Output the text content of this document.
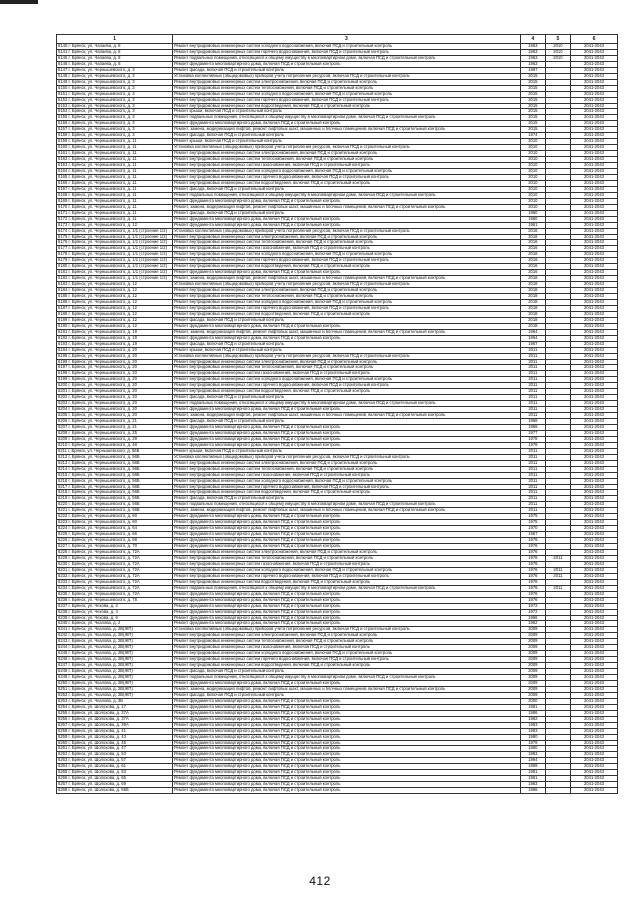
1	3	4	5	6
6140 г. Брянск, ул. Чапаева, д. 8	Ремонт внутридомовых инженерных систем холодного водоснабжения, включая ПСД и строительный контроль	1963	2010	2041-2043
6141 г. Брянск, ул. Чапаева, д. 8	Ремонт внутридомовых инженерных систем горячего водоснабжения, включая ПСД и строительный контроль	1963	2010	2041-2043
6145 г. Брянск, ул. Чапаева, д. 8	Ремонт подвальных помещений, относящихся к общему имуществу в многоквартирном доме, включая ПСД и строительный контроль	1963	2010	2041-2043
6146 г. Брянск, ул. Чапаева, д. 8	Ремонт фундамента многоквартирного дома, включая ПСД и строительный контроль	1963		2041-2043
6147 г. Брянск, ул. Чернышевского, д. 3	Ремонт фасада, включая ПСД и строительный контроль	1987		2041-2043
6148 г. Брянск, ул. Чернышевского, д. 3	Установка коллективных (общедомовых) приборов учета потребления ресурсов, включая ПСД и строительный контроль	2015		2041-2043
6149 г. Брянск, ул. Чернышевского, д. 3	Ремонт внутридомовых инженерных систем электроснабжения, включая ПСД и строительный контроль	2015		2041-2043
6150 г. Брянск, ул. Чернышевского, д. 3	Ремонт внутридомовых инженерных систем теплоснабжения, включая ПСД и строительный контроль	2015		2041-2043
6151 г. Брянск, ул. Чернышевского, д. 3	Ремонт внутридомовых инженерных систем холодного водоснабжения, включая ПСД и строительный контроль	2015		2041-2043
6152 г. Брянск, ул. Чернышевского, д. 3	Ремонт внутридомовых инженерных систем горячего водоснабжения, включая ПСД и строительный контроль	2015		2041-2043
6153 г. Брянск, ул. Чернышевского, д. 3	Ремонт внутридомовых инженерных систем водоотведения, включая ПСД и строительный контроль	2015		2041-2043
6154 г. Брянск, ул. Чернышевского, д. 3	Ремонт крыши, включая ПСД и строительный контроль	2015		2041-2043
6155 г. Брянск, ул. Чернышевского, д. 3	Ремонт подвальных помещений, относящихся к общему имуществу в многоквартирном доме, включая ПСД и строительный контроль	2015		2041-2043
6156 г. Брянск, ул. Чернышевского, д. 3	Ремонт фундамента многоквартирного дома, включая ПСД и строительный контроль	2015		2041-2043
6157 г. Брянск, ул. Чернышевского, д. 3	Ремонт, замена, модернизация лифтов, ремонт лифтовых шахт, машинных и блочных помещений, включая ПСД и строительный контроль	2015		2041-2043
6158 г. Брянск, ул. Чернышевского, д. 3	Ремонт фасада, включая ПСД и строительный контроль	1974		2041-2043
6159 г. Брянск, ул. Чернышевского, д. 11	Ремонт крыши, включая ПСД и строительный контроль	2010		2041-2043
6160 г. Брянск, ул. Чернышевского, д. 11	Установка коллективных (общедомовых) приборов учета потребления ресурсов, включая ПСД и строительный контроль	2010		2041-2043
6161 г. Брянск, ул. Чернышевского, д. 11	Ремонт внутридомовых инженерных систем электроснабжения, включая ПСД и строительный контроль	2010		2041-2043
6162 г. Брянск, ул. Чернышевского, д. 11	Ремонт внутридомовых инженерных систем теплоснабжения, включая ПСД и строительный контроль	2010		2041-2043
6163 г. Брянск, ул. Чернышевского, д. 11	Ремонт внутридомовых инженерных систем газоснабжения, включая ПСД и строительный контроль	2010		2041-2043
6164 г. Брянск, ул. Чернышевского, д. 11	Ремонт внутридомовых инженерных систем холодного водоснабжения, включая ПСД и строительный контроль	2010		2041-2043
6165 г. Брянск, ул. Чернышевского, д. 11	Ремонт внутридомовых инженерных систем горячего водоснабжения, включая ПСД и строительный контроль	2010		2041-2043
6166 г. Брянск, ул. Чернышевского, д. 11	Ремонт внутридомовых инженерных систем водоотведения, включая ПСД и строительный контроль	2010		2041-2043
6167 г. Брянск, ул. Чернышевского, д. 11	Ремонт фасада, включая ПСД и строительный контроль	2010		2041-2043
6168 г. Брянск, ул. Чернышевского, д. 11	Ремонт подвальных помещений, относящихся к общему имуществу в многоквартирном доме, включая ПСД и строительный контроль	2010		2041-2043
6169 г. Брянск, ул. Чернышевского, д. 11	Ремонт фундамента многоквартирного дома, включая ПСД и строительный контроль	2010		2041-2043
6170 г. Брянск, ул. Чернышевского, д. 11	Ремонт, замена, модернизация лифтов, ремонт лифтовых шахт, машинных и блочных помещений, включая ПСД и строительный контроль	2010		2041-2043
6171 г. Брянск, ул. Чернышевского, д. 11	Ремонт фасада, включая ПСД и строительный контроль	1960		2041-2043
6172 г. Брянск, ул. Чернышевского, д. 11	Ремонт фундамента многоквартирного дома, включая ПСД и строительный контроль	1960		2041-2043
6173 г. Брянск, ул. Чернышевского, д. 12	Ремонт фундамента многоквартирного дома, включая ПСД и строительный контроль	1961		2041-2043
6174 г. Брянск, ул. Чернышевского, д. 1/1 (строение 1/2)	Установка коллективных (общедомовых) приборов учета потребления ресурсов, включая ПСД и строительный контроль	2016		2041-2043
6175 г. Брянск, ул. Чернышевского, д. 1/1 (строение 1/2)	Ремонт внутридомовых инженерных систем электроснабжения, включая ПСД и строительный контроль	2016		2041-2043
6176 г. Брянск, ул. Чернышевского, д. 1/1 (строение 1/2)	Ремонт внутридомовых инженерных систем теплоснабжения, включая ПСД и строительный контроль	2016		2041-2043
6177 г. Брянск, ул. Чернышевского, д. 1/1 (строение 1/2)	Ремонт внутридомовых инженерных систем газоснабжения, включая ПСД и строительный контроль	2016		2041-2043
6178 г. Брянск, ул. Чернышевского, д. 1/1 (строение 1/2)	Ремонт внутридомовых инженерных систем холодного водоснабжения, включая ПСД и строительный контроль	2016		2041-2043
6179 г. Брянск, ул. Чернышевского, д. 1/1 (строение 1/2)	Ремонт внутридомовых инженерных систем горячего водоснабжения, включая ПСД и строительный контроль	2016		2041-2043
6180 г. Брянск, ул. Чернышевского, д. 1/1 (строение 1/2)	Ремонт внутридомовых инженерных систем водоотведения, включая ПСД и строительный контроль	2016		2041-2043
6181 г. Брянск, ул. Чернышевского, д. 1/1 (строение 1/2)	Ремонт фундамента многоквартирного дома, включая ПСД и строительный контроль	2016		2041-2043
6182 г. Брянск, ул. Чернышевского, д. 1/1 (строение 1/2)	Ремонт, замена, модернизация лифтов, ремонт лифтовых шахт, машинных и блочных помещений, включая ПСД и строительный контроль	2016		2041-2043
6183 г. Брянск, ул. Чернышевского, д. 12	Установка коллективных (общедомовых) приборов учета потребления ресурсов, включая ПСД и строительный контроль	2018		2041-2043
6184 г. Брянск, ул. Чернышевского, д. 12	Ремонт внутридомовых инженерных систем электроснабжения, включая ПСД и строительный контроль	2018		2041-2043
6185 г. Брянск, ул. Чернышевского, д. 12	Ремонт внутридомовых инженерных систем теплоснабжения, включая ПСД и строительный контроль	2018		2041-2043
6186 г. Брянск, ул. Чернышевского, д. 12	Ремонт внутридомовых инженерных систем холодного водоснабжения, включая ПСД и строительный контроль	2018		2041-2043
6187 г. Брянск, ул. Чернышевского, д. 12	Ремонт внутридомовых инженерных систем горячего водоснабжения, включая ПСД и строительный контроль	2018		2041-2043
6188 г. Брянск, ул. Чернышевского, д. 12	Ремонт внутридомовых инженерных систем водоотведения, включая ПСД и строительный контроль	2018		2041-2043
6189 г. Брянск, ул. Чернышевского, д. 12	Ремонт фасада, включая ПСД и строительный контроль	2018		2041-2043
6190 г. Брянск, ул. Чернышевского, д. 12	Ремонт фундамента многоквартирного дома, включая ПСД и строительный контроль	2018		2041-2043
6191 г. Брянск, ул. Чернышевского, д. 19	Ремонт, замена, модернизация лифтов, ремонт лифтовых шахт, машинных и блочных помещений, включая ПСД и строительный контроль	1964		2041-2043
6192 г. Брянск, ул. Чернышевского, д. 19	Ремонт фундамента многоквартирного дома, включая ПСД и строительный контроль	1964		2041-2043
6193 г. Брянск, ул. Чернышевского, д. 19	Ремонт фасада, включая ПСД и строительный контроль	1967		2041-2043
6194 г. Брянск, ул. Чернышевского, д. 20	Ремонт крыши, включая ПСД и строительный контроль	2011		2041-2043
6195 г. Брянск, ул. Чернышевского, д. 20	Установка коллективных (общедомовых) приборов учета потребления ресурсов, включая ПСД и строительный контроль	2011		2041-2043
6196 г. Брянск, ул. Чернышевского, д. 20	Ремонт внутридомовых инженерных систем электроснабжения, включая ПСД и строительный контроль	2011		2041-2043
6197 г. Брянск, ул. Чернышевского, д. 20	Ремонт внутридомовых инженерных систем теплоснабжения, включая ПСД и строительный контроль	2011		2041-2043
6198 г. Брянск, ул. Чернышевского, д. 20	Ремонт внутридомовых инженерных систем газоснабжения, включая ПСД и строительный контроль	2011		2041-2043
6199 г. Брянск, ул. Чернышевского, д. 20	Ремонт внутридомовых инженерных систем холодного водоснабжения, включая ПСД и строительный контроль	2011		2041-2043
6200 г. Брянск, ул. Чернышевского, д. 20	Ремонт внутридомовых инженерных систем горячего водоснабжения, включая ПСД и строительный контроль	2011		2041-2043
6201 г. Брянск, ул. Чернышевского, д. 20	Ремонт внутридомовых инженерных систем водоотведения, включая ПСД и строительный контроль	2011		2041-2043
6202 г. Брянск, ул. Чернышевского, д. 20	Ремонт фасада, включая ПСД и строительный контроль	2011		2041-2043
6203 г. Брянск, ул. Чернышевского, д. 20	Ремонт подвальных помещений, относящихся к общему имуществу в многоквартирном доме, включая ПСД и строительный контроль	2011		2041-2043
6204 г. Брянск, ул. Чернышевского, д. 20	Ремонт фундамента многоквартирного дома, включая ПСД и строительный контроль	2011		2041-2043
6205 г. Брянск, ул. Чернышевского, д. 20	Ремонт, замена, модернизация лифтов, ремонт лифтовых шахт, машинных и блочных помещений, включая ПСД и строительный контроль	2011		2041-2043
6206 г. Брянск, ул. Чернышевского, д. 21	Ремонт фасада, включая ПСД и строительный контроль	1968		2041-2043
6207 г. Брянск, ул. Чернышевского, д. 21	Ремонт фундамента многоквартирного дома, включая ПСД и строительный контроль	1968		2041-2043
6208 г. Брянск, ул. Чернышевского, д. 25	Ремонт фундамента многоквартирного дома, включая ПСД и строительный контроль	1977		2041-2043
6209 г. Брянск, ул. Чернышевского, д. 29	Ремонт фундамента многоквартирного дома, включая ПСД и строительный контроль	1978		2041-2043
6210 г. Брянск, ул. Чернышевского, д. 48	Ремонт фундамента многоквартирного дома, включая ПСД и строительный контроль	1978		2041-2043
6211 г. Брянск, ул. Чернышевского, д. 56Б	Ремонт крыши, включая ПСД и строительный контроль	2011		2041-2043
6212 г. Брянск, ул. Чернышевского, д. 56Б	Установка коллективных (общедомовых) приборов учета потребления ресурсов, включая ПСД и строительный контроль	2011		2041-2043
6213 г. Брянск, ул. Чернышевского, д. 56Б	Ремонт внутридомовых инженерных систем электроснабжения, включая ПСД и строительный контроль	2011		2041-2043
6214 г. Брянск, ул. Чернышевского, д. 56Б	Ремонт внутридомовых инженерных систем теплоснабжения, включая ПСД и строительный контроль	2011		2041-2043
6215 г. Брянск, ул. Чернышевского, д. 56Б	Ремонт внутридомовых инженерных систем газоснабжения, включая ПСД и строительный контроль	2011		2041-2043
6216 г. Брянск, ул. Чернышевского, д. 56Б	Ремонт внутридомовых инженерных систем холодного водоснабжения, включая ПСД и строительный контроль	2011		2041-2043
6217 г. Брянск, ул. Чернышевского, д. 56Б	Ремонт внутридомовых инженерных систем горячего водоснабжения, включая ПСД и строительный контроль	2011		2041-2043
6218 г. Брянск, ул. Чернышевского, д. 56Б	Ремонт внутридомовых инженерных систем водоотведения, включая ПСД и строительный контроль	2011		2041-2043
6219 г. Брянск, ул. Чернышевского, д. 56Б	Ремонт фасада, включая ПСД и строительный контроль	2011		2041-2043
6220 г. Брянск, ул. Чернышевского, д. 56Б	Ремонт подвальных помещений, относящихся к общему имуществу в многоквартирном доме, включая ПСД и строительный контроль	2011		2041-2043
6221 г. Брянск, ул. Чернышевского, д. 56Б	Ремонт, замена, модернизация лифтов, ремонт лифтовых шахт, машинных и блочных помещений, включая ПСД и строительный контроль	2011		2041-2043
6222 г. Брянск, ул. Чернышевского, д. 60	Ремонт фундамента многоквартирного дома, включая ПСД и строительный контроль	1975		2041-2043
6223 г. Брянск, ул. Чернышевского, д. 60	Ремонт фундамента многоквартирного дома, включая ПСД и строительный контроль	1975		2041-2043
6224 г. Брянск, ул. Чернышевского, д. 64	Ремонт фундамента многоквартирного дома, включая ПСД и строительный контроль	1970		2041-2043
6225 г. Брянск, ул. Чернышевского, д. 66	Ремонт фундамента многоквартирного дома, включая ПСД и строительный контроль	1967		2041-2043
6226 г. Брянск, ул. Чернышевского, д. 68	Ремонт фундамента многоквартирного дома, включая ПСД и строительный контроль	1976		2041-2043
6227 г. Брянск, ул. Чернышевского, д. 70	Ремонт фундамента многоквартирного дома, включая ПСД и строительный контроль	1976		2041-2043
6228 г. Брянск, ул. Чернышевского, д. 72А	Ремонт внутридомовых инженерных систем электроснабжения, включая ПСД и строительный контроль	1976		2041-2043
6229 г. Брянск, ул. Чернышевского, д. 72А	Ремонт внутридомовых инженерных систем теплоснабжения, включая ПСД и строительный контроль	1976	2011	2041-2043
6230 г. Брянск, ул. Чернышевского, д. 72А	Ремонт внутридомовых инженерных систем газоснабжения, включая ПСД и строительный контроль	1976		2041-2043
6231 г. Брянск, ул. Чернышевского, д. 72А	Ремонт внутридомовых инженерных систем холодного водоснабжения, включая ПСД и строительный контроль	1976	2011	2041-2043
6232 г. Брянск, ул. Чернышевского, д. 72А	Ремонт внутридомовых инженерных систем горячего водоснабжения, включая ПСД и строительный контроль	1976	2011	2041-2043
6233 г. Брянск, ул. Чернышевского, д. 72А	Ремонт внутридомовых инженерных систем водоотведения, включая ПСД и строительный контроль	1976		2041-2043
6234 г. Брянск, ул. Чернышевского, д. 72А	Ремонт подвальных помещений, относящихся к общему имуществу в многоквартирном доме, включая ПСД и строительный контроль	1976	2011	2041-2043
6235 г. Брянск, ул. Чернышевского, д. 72А	Ремонт фундамента многоквартирного дома, включая ПСД и строительный контроль	1976		2041-2043
6236 г. Брянск, ул. Чернышевского, д. 78	Ремонт фундамента многоквартирного дома, включая ПСД и строительный контроль	1976		2041-2043
6237 г. Брянск, ул. Чехова, д. 2	Ремонт фундамента многоквартирного дома, включая ПСД и строительный контроль	1972		2041-2043
6238 г. Брянск, ул. Чехова, д. 4	Ремонт фундамента многоквартирного дома, включая ПСД и строительный контроль	1972		2041-2043
6239 г. Брянск, ул. Чехова, д. 6	Ремонт фундамента многоквартирного дома, включая ПСД и строительный контроль	1966		2041-2043
6240 г. Брянск, ул. Чкалова, д. 2	Ремонт фундамента многоквартирного дома, включая ПСД и строительный контроль	1962		2041-2043
6241 г. Брянск, ул. Чкалова, д. 2В(ЖП)	Установка коллективных (общедомовых) приборов учета потребления ресурсов, включая ПСД и строительный контроль	2009		2041-2043
6242 г. Брянск, ул. Чкалова, д. 2В(ЖП)	Ремонт внутридомовых инженерных систем электроснабжения, включая ПСД и строительный контроль	2009		2041-2043
6243 г. Брянск, ул. Чкалова, д. 2В(ЖП)	Ремонт внутридомовых инженерных систем теплоснабжения, включая ПСД и строительный контроль	2009		2041-2043
6244 г. Брянск, ул. Чкалова, д. 2В(ЖП)	Ремонт внутридомовых инженерных систем газоснабжения, включая ПСД и строительный контроль	2009		2041-2043
6245 г. Брянск, ул. Чкалова, д. 2В(ЖП)	Ремонт внутридомовых инженерных систем холодного водоснабжения, включая ПСД и строительный контроль	2009		2041-2043
6246 г. Брянск, ул. Чкалова, д. 2В(ЖП)	Ремонт внутридомовых инженерных систем горячего водоснабжения, включая ПСД и строительный контроль	2009		2041-2043
6247 г. Брянск, ул. Чкалова, д. 2В(ЖП)	Ремонт внутридомовых инженерных систем водоотведения, включая ПСД и строительный контроль	2009		2041-2043
6248 г. Брянск, ул. Чкалова, д. 2В(ЖП)	Ремонт фасада, включая ПСД и строительный контроль	2009		2041-2043
6249 г. Брянск, ул. Чкалова, д. 2В(ЖП)	Ремонт подвальных помещений, относящихся к общему имуществу в многоквартирном доме, включая ПСД и строительный контроль	2009		2041-2043
6250 г. Брянск, ул. Чкалова, д. 2В(ЖП)	Ремонт фундамента многоквартирного дома, включая ПСД и строительный контроль	2009		2041-2043
6251 г. Брянск, ул. Чкалова, д. 2В(ЖП)	Ремонт, замена, модернизация лифтов, ремонт лифтовых шахт, машинных и блочных помещений, включая ПСД и строительный контроль	2009		2041-2043
6252 г. Брянск, ул. Чкалова, д. 2В(ЖП)	Ремонт фасада, включая ПСД и строительный контроль	2009		2041-2043
6253 г. Брянск, ул. Чкалова, д. 3Б	Ремонт фундамента многоквартирного дома, включая ПСД и строительный контроль	2000		2041-2043
6254 г. Брянск, ул. Шолохова, д. 17	Ремонт фундамента многоквартирного дома, включая ПСД и строительный контроль	1981		2041-2043
6255 г. Брянск, ул. Шолохова, д. 37А	Ремонт фундамента многоквартирного дома, включая ПСД и строительный контроль	1986		2041-2043
6256 г. Брянск, ул. Шолохова, д. 37А	Ремонт фундамента многоквартирного дома, включая ПСД и строительный контроль	1982		2041-2043
6257 г. Брянск, ул. Шолохова, д. 39А	Ремонт фундамента многоквартирного дома, включая ПСД и строительный контроль	1983		2041-2043
6258 г. Брянск, ул. Шолохова, д. 41	Ремонт фундамента многоквартирного дома, включая ПСД и строительный контроль	1983		2041-2043
6259 г. Брянск, ул. Шолохова, д. 43	Ремонт фундамента многоквартирного дома, включая ПСД и строительный контроль	1980		2041-2043
6260 г. Брянск, ул. Шолохова, д. 45	Ремонт фундамента многоквартирного дома, включая ПСД и строительный контроль	1979		2041-2043
6261 г. Брянск, ул. Шолохова, д. 47	Ремонт фундамента многоквартирного дома, включая ПСД и строительный контроль	1980		2041-2043
6262 г. Брянск, ул. Шолохова, д. 53	Ремонт фундамента многоквартирного дома, включая ПСД и строительный контроль	1983		2041-2043
6263 г. Брянск, ул. Шолохова, д. 57	Ремонт фундамента многоквартирного дома, включая ПСД и строительный контроль	1984		2041-2043
6264 г. Брянск, ул. Шолохова, д. 61	Ремонт фундамента многоквартирного дома, включая ПСД и строительный контроль	1989		2041-2043
6265 г. Брянск, ул. Шолохова, д. 63	Ремонт фундамента многоквартирного дома, включая ПСД и строительный контроль	1981		2041-2043
6266 г. Брянск, ул. Шолохова, д. 65	Ремонт фундамента многоквартирного дома, включая ПСД и строительный контроль	1981		2041-2043
6267 г. Брянск, ул. Шолохова, д. 69	Ремонт фундамента многоквартирного дома, включая ПСД и строительный контроль	1983		2041-2043
6268 г. Брянск, ул. Шолохова, д. 56Б	Ремонт фундамента многоквартирного дома, включая ПСД и строительный контроль	1986		2041-2043
412
